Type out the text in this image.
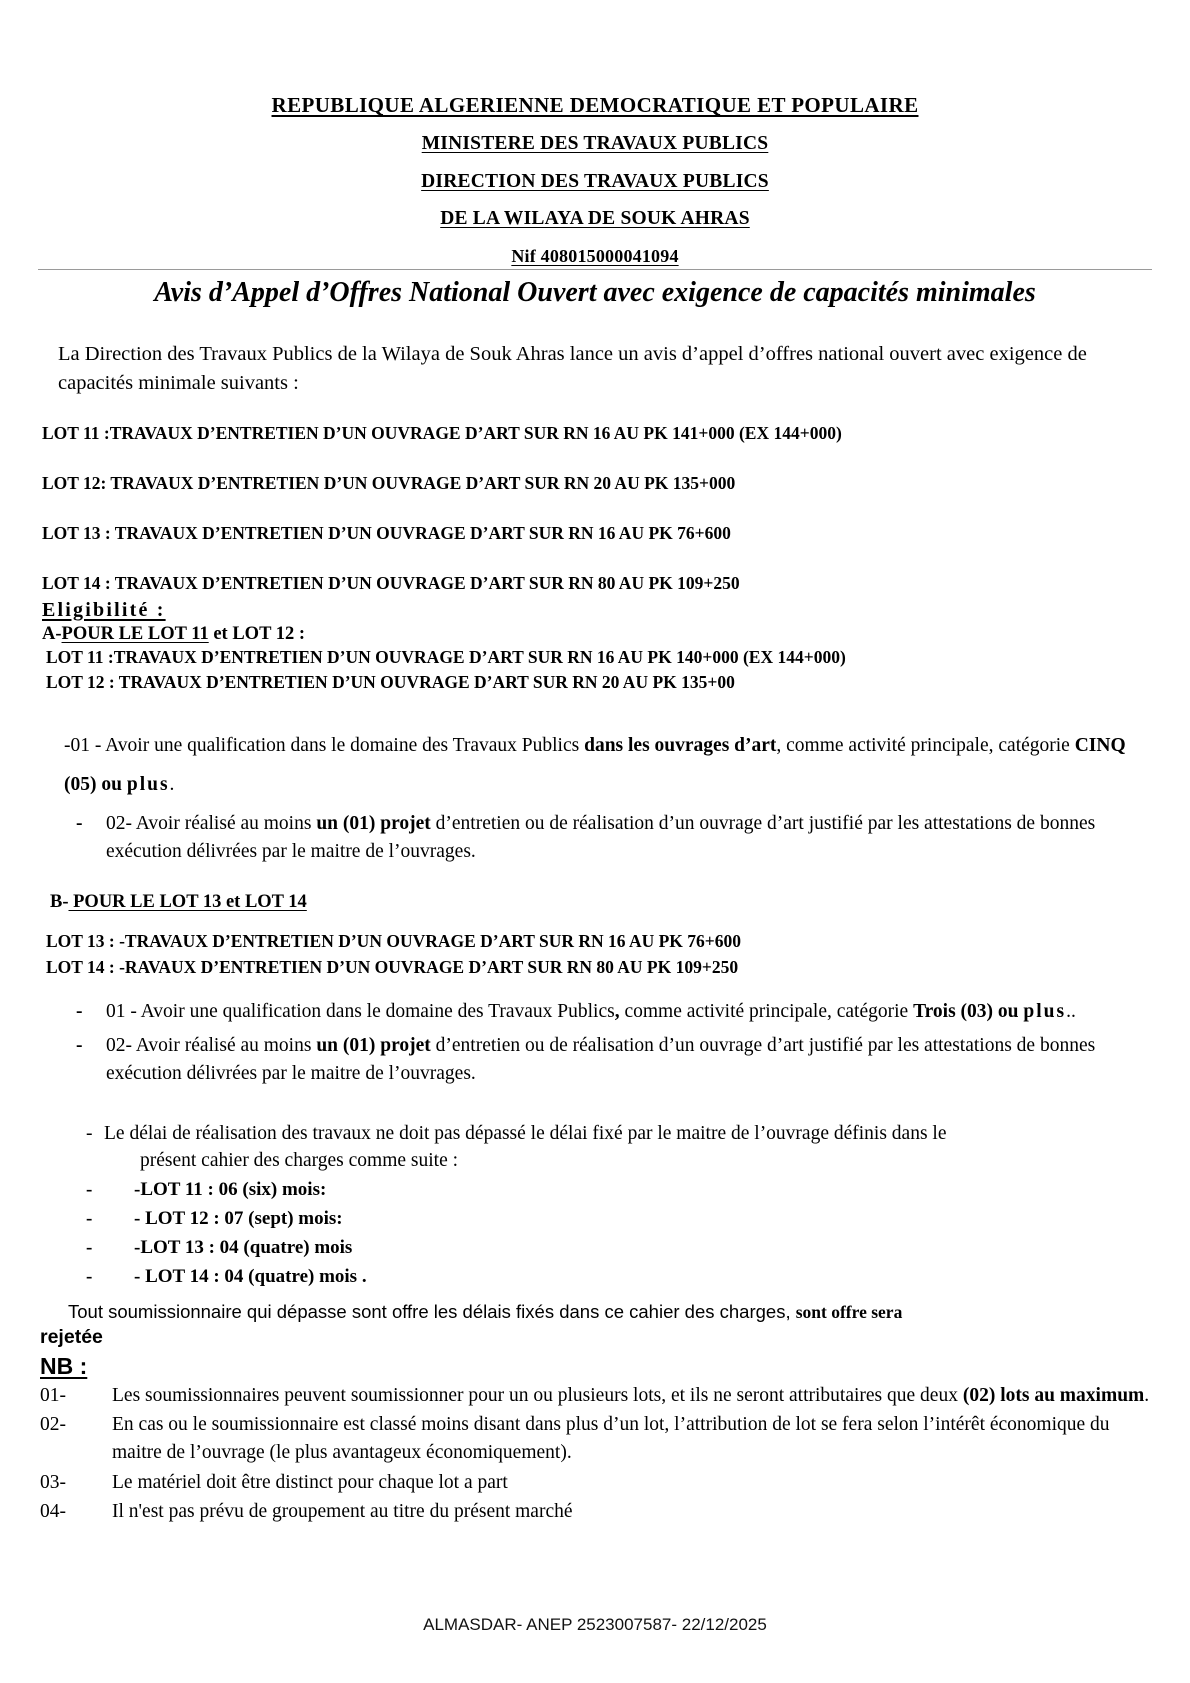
REPUBLIQUE ALGERIENNE DEMOCRATIQUE ET POPULAIRE
MINISTERE DES TRAVAUX PUBLICS
DIRECTION DES TRAVAUX PUBLICS
DE LA WILAYA DE SOUK AHRAS
Nif 408015000041094
Avis d’Appel d’Offres National Ouvert avec exigence de capacités minimales

La Direction des Travaux Publics de la Wilaya de Souk Ahras lance un avis d’appel d’offres national ouvert avec exigence de capacités minimale suivants :

LOT 11 :TRAVAUX D’ENTRETIEN D’UN OUVRAGE D’ART SUR RN 16 AU PK 141+000 (EX 144+000)

LOT 12: TRAVAUX D’ENTRETIEN D’UN OUVRAGE D’ART SUR RN 20 AU PK 135+000

LOT 13 : TRAVAUX D’ENTRETIEN D’UN OUVRAGE D’ART SUR RN 16 AU PK 76+600

LOT 14 : TRAVAUX D’ENTRETIEN D’UN OUVRAGE D’ART SUR RN 80 AU PK 109+250

Eligibilité :
A-POUR LE LOT 11 et LOT 12 :
LOT 11 :TRAVAUX D’ENTRETIEN D’UN OUVRAGE D’ART SUR RN 16 AU PK 140+000 (EX 144+000)
LOT 12 : TRAVAUX D’ENTRETIEN D’UN OUVRAGE D’ART SUR RN 20 AU PK 135+00
-01 - Avoir une qualification dans le domaine des Travaux Publics dans les ouvrages d’art, comme activité principale, catégorie CINQ (05) ou plus.
-	02- Avoir réalisé au moins un (01) projet d’entretien ou de réalisation d’un ouvrage d’art justifié par les attestations de bonnes exécution délivrées par le maitre de l’ouvrages.
B- POUR LE LOT 13 et LOT 14
LOT 13 : -TRAVAUX D’ENTRETIEN D’UN OUVRAGE D’ART SUR RN 16 AU PK 76+600
LOT 14 : -RAVAUX D’ENTRETIEN D’UN OUVRAGE D’ART SUR RN 80 AU PK 109+250
-	01 - Avoir une qualification dans le domaine des Travaux Publics, comme activité principale, catégorie Trois (03) ou plus..
-	02- Avoir réalisé au moins un (01) projet d’entretien ou de réalisation d’un ouvrage d’art justifié par les attestations de bonnes exécution délivrées par le maitre de l’ouvrages.
- Le délai de réalisation des travaux ne doit pas dépassé le délai fixé par le maitre de l’ouvrage définis dans le
présent cahier des charges comme suite :
-	-LOT 11 : 06 (six) mois:
-	- LOT 12 : 07 (sept) mois:
-	-LOT 13 : 04 (quatre) mois
-	- LOT 14 : 04 (quatre) mois .
Tout soumissionnaire qui dépasse sont offre les délais fixés dans ce cahier des charges, sont offre sera
rejetée
NB :
01-	Les soumissionnaires peuvent soumissionner pour un ou plusieurs lots, et ils ne seront attributaires que deux (02) lots au maximum.
02-	En cas ou le soumissionnaire est classé moins disant dans plus d’un lot, l’attribution de lot se fera selon l’intérêt économique du maitre de l’ouvrage (le plus avantageux économiquement).
03-	Le matériel doit être distinct pour chaque lot a part
04-	Il n'est pas prévu de groupement au titre du présent marché
ALMASDAR- ANEP 2523007587- 22/12/2025
